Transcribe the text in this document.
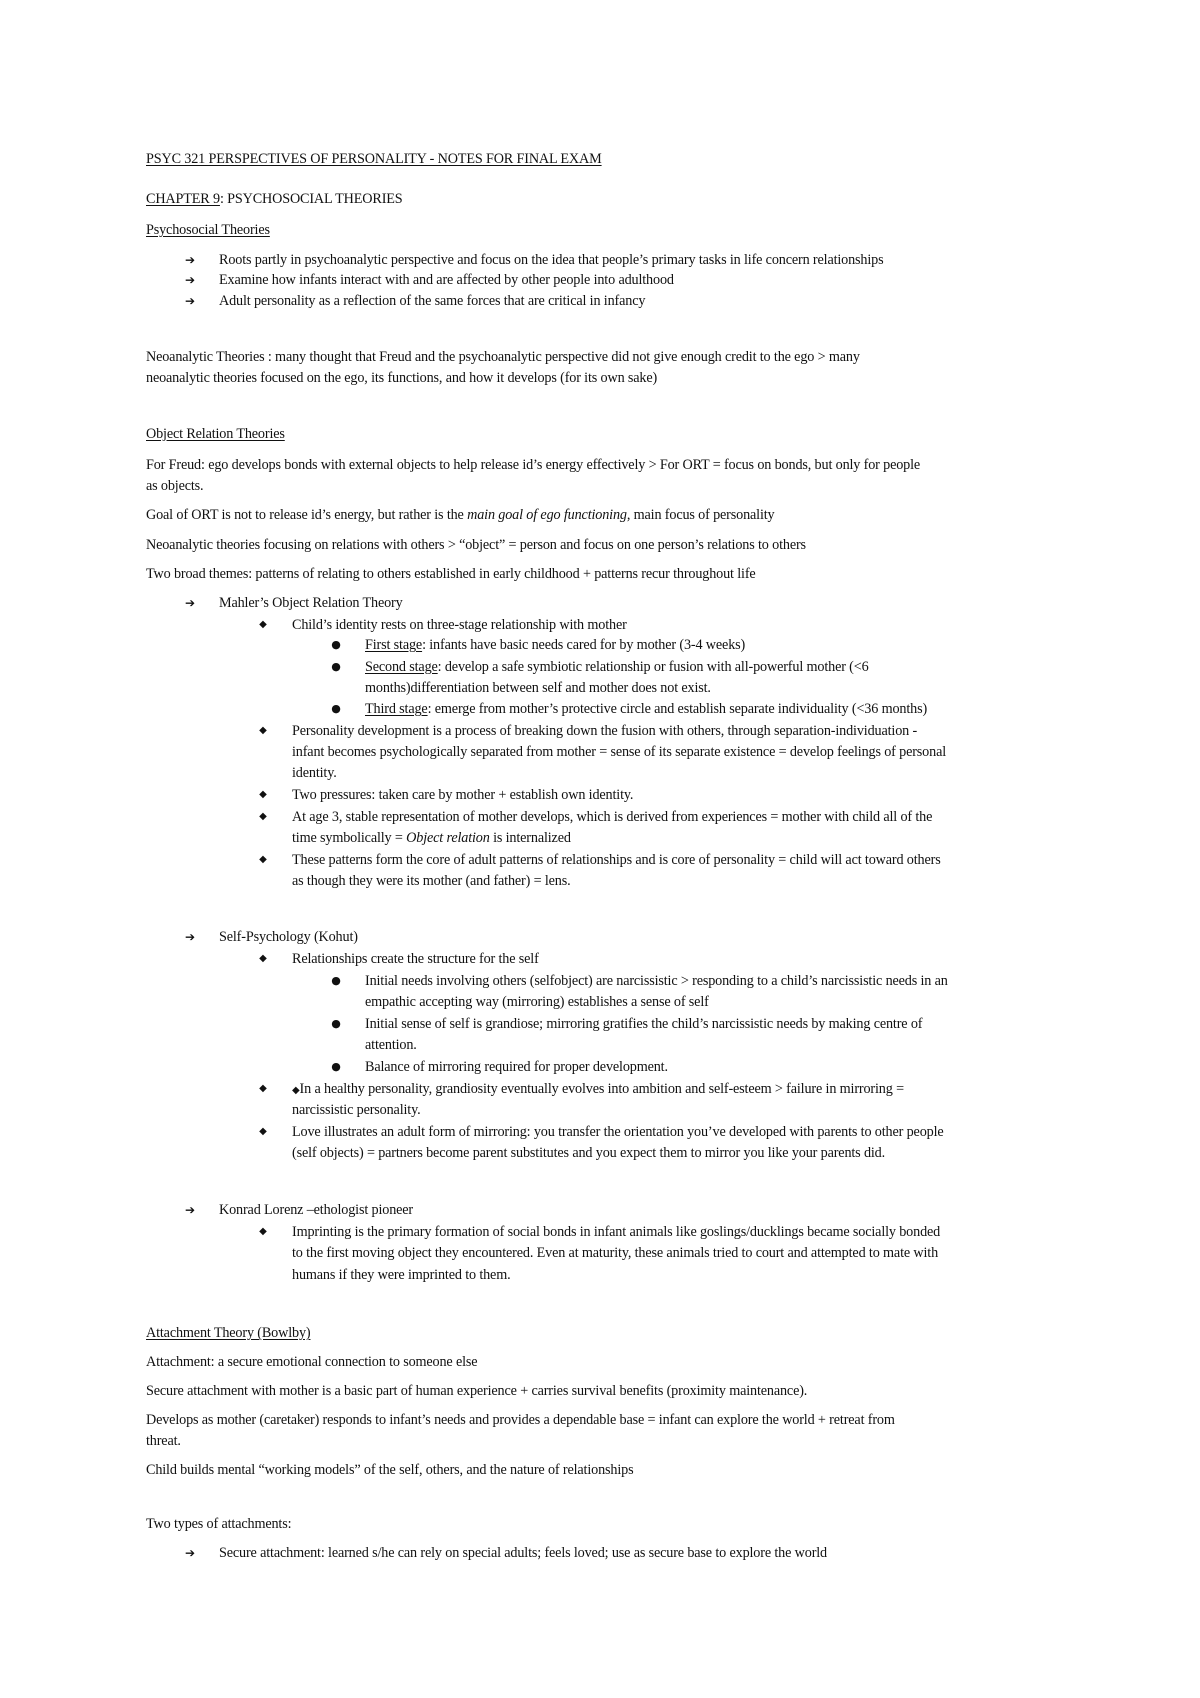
PSYC 321 PERSPECTIVES OF PERSONALITY - NOTES FOR FINAL EXAM
CHAPTER 9: PSYCHOSOCIAL THEORIES
Psychosocial Theories
➔ Roots partly in psychoanalytic perspective and focus on the idea that people’s primary tasks in life concern relationships
➔ Examine how infants interact with and are affected by other people into adulthood
➔ Adult personality as a reflection of the same forces that are critical in infancy
Neoanalytic Theories : many thought that Freud and the psychoanalytic perspective did not give enough credit to the ego > many
neoanalytic theories focused on the ego, its functions, and how it develops (for its own sake)
Object Relation Theories
For Freud: ego develops bonds with external objects to help release id’s energy effectively > For ORT = focus on bonds, but only for people
as objects.
Goal of ORT is not to release id’s energy, but rather is the main goal of ego functioning, main focus of personality
Neoanalytic theories focusing on relations with others > “object” = person and focus on one person’s relations to others
Two broad themes: patterns of relating to others established in early childhood + patterns recur throughout life
➔ Mahler’s Object Relation Theory
◆ Child’s identity rests on three-stage relationship with mother
● First stage: infants have basic needs cared for by mother (3-4 weeks)
● Second stage: develop a safe symbiotic relationship or fusion with all-powerful mother (<6
months)differentiation between self and mother does not exist.
● Third stage: emerge from mother’s protective circle and establish separate individuality (<36 months)
◆ Personality development is a process of breaking down the fusion with others, through separation-individuation -
infant becomes psychologically separated from mother = sense of its separate existence = develop feelings of personal
identity.
◆ Two pressures: taken care by mother + establish own identity.
◆ At age 3, stable representation of mother develops, which is derived from experiences = mother with child all of the
time symbolically = Object relation is internalized
◆ These patterns form the core of adult patterns of relationships and is core of personality = child will act toward others
as though they were its mother (and father) = lens.
➔ Self-Psychology (Kohut)
◆ Relationships create the structure for the self
● Initial needs involving others (selfobject) are narcissistic > responding to a child’s narcissistic needs in an
empathic accepting way (mirroring) establishes a sense of self
● Initial sense of self is grandiose; mirroring gratifies the child’s narcissistic needs by making centre of
attention.
● Balance of mirroring required for proper development.
◆	◆In a healthy personality, grandiosity eventually evolves into ambition and self-esteem > failure in mirroring =
narcissistic personality.
◆ Love illustrates an adult form of mirroring: you transfer the orientation you’ve developed with parents to other people
(self objects) = partners become parent substitutes and you expect them to mirror you like your parents did.
➔ Konrad Lorenz –ethologist pioneer
◆ Imprinting is the primary formation of social bonds in infant animals like goslings/ducklings became socially bonded
to the first moving object they encountered. Even at maturity, these animals tried to court and attempted to mate with
humans if they were imprinted to them.
Attachment Theory (Bowlby)
Attachment: a secure emotional connection to someone else
Secure attachment with mother is a basic part of human experience + carries survival benefits (proximity maintenance).
Develops as mother (caretaker) responds to infant’s needs and provides a dependable base = infant can explore the world + retreat from
threat.
Child builds mental “working models” of the self, others, and the nature of relationships
Two types of attachments:
➔ Secure attachment: learned s/he can rely on special adults; feels loved; use as secure base to explore the world
